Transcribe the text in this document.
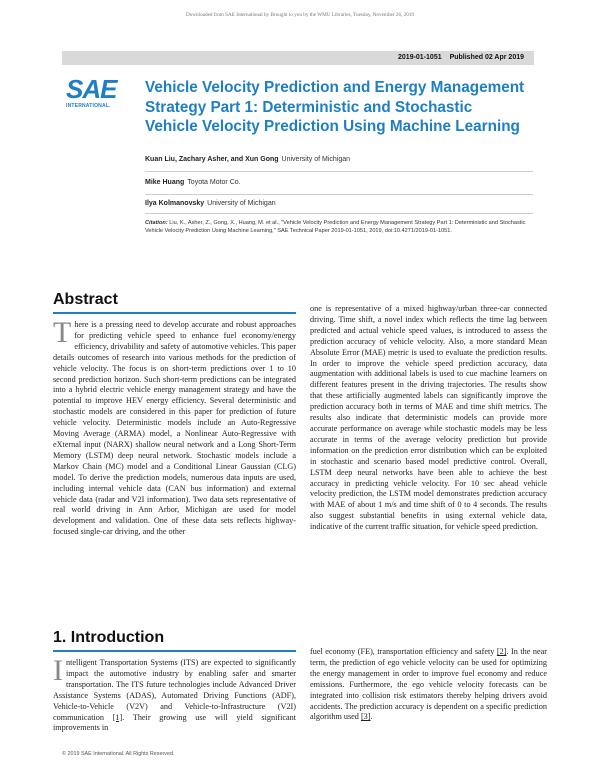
Downloaded from SAE International by Brought to you by the WMU Libraries, Tuesday, November 26, 2019
2019-01-1051 Published 02 Apr 2019
SAE
INTERNATIONAL.
Vehicle Velocity Prediction and Energy Management Strategy Part 1: Deterministic and Stochastic Vehicle Velocity Prediction Using Machine Learning
Kuan Liu, Zachary Asher, and Xun Gong University of Michigan
Mike Huang Toyota Motor Co.
Ilya Kolmanovsky University of Michigan
Citation: Liu, K., Asher, Z., Gong, X., Huang, M. et al., "Vehicle Velocity Prediction and Energy Management Strategy Part 1: Deterministic and Stochastic Vehicle Velocity Prediction Using Machine Learning," SAE Technical Paper 2019-01-1051, 2019, doi:10.4271/2019-01-1051.
Abstract
There is a pressing need to develop accurate and robust approaches for predicting vehicle speed to enhance fuel economy/energy efficiency, drivability and safety of automotive vehicles. This paper details outcomes of research into various methods for the prediction of vehicle velocity. The focus is on short-term predictions over 1 to 10 second prediction horizon. Such short-term predictions can be integrated into a hybrid electric vehicle energy management strategy and have the potential to improve HEV energy efficiency. Several deterministic and stochastic models are considered in this paper for prediction of future vehicle velocity. Deterministic models include an Auto-Regressive Moving Average (ARMA) model, a Nonlinear Auto-Regressive with eXternal input (NARX) shallow neural network and a Long Short-Term Memory (LSTM) deep neural network. Stochastic models include a Markov Chain (MC) model and a Conditional Linear Gaussian (CLG) model. To derive the prediction models, numerous data inputs are used, including internal vehicle data (CAN bus information) and external vehicle data (radar and V2I information). Two data sets representative of real world driving in Ann Arbor, Michigan are used for model development and validation. One of these data sets reflects highway-focused single-car driving, and the other
one is representative of a mixed highway/urban three-car connected driving. Time shift, a novel index which reflects the time lag between predicted and actual vehicle speed values, is introduced to assess the prediction accuracy of vehicle velocity. Also, a more standard Mean Absolute Error (MAE) metric is used to evaluate the prediction results. In order to improve the vehicle speed prediction accuracy, data augmentation with additional labels is used to cue machine learners on different features present in the driving trajectories. The results show that these artificially augmented labels can significantly improve the prediction accuracy both in terms of MAE and time shift metrics. The results also indicate that deterministic models can provide more accurate performance on average while stochastic models may be less accurate in terms of the average velocity prediction but provide information on the prediction error distribution which can be exploited in stochastic and scenario based model predictive control. Overall, LSTM deep neural networks have been able to achieve the best accuracy in predicting vehicle velocity. For 10 sec ahead vehicle velocity prediction, the LSTM model demonstrates prediction accuracy with MAE of about 1 m/s and time shift of 0 to 4 seconds. The results also suggest substantial benefits in using external vehicle data, indicative of the current traffic situation, for vehicle speed prediction.
1. Introduction
Intelligent Transportation Systems (ITS) are expected to significantly impact the automotive industry by enabling safer and smarter transportation. The ITS future technologies include Advanced Driver Assistance Systems (ADAS), Automated Driving Functions (ADF), Vehicle-to-Vehicle (V2V) and Vehicle-to-Infrastructure (V2I) communication [1]. Their growing use will yield significant improvements in
fuel economy (FE), transportation efficiency and safety [2]. In the near term, the prediction of ego vehicle velocity can be used for optimizing the energy management in order to improve fuel economy and reduce emissions. Furthermore, the ego vehicle velocity forecasts can be integrated into collision risk estimators thereby helping drivers avoid accidents. The prediction accuracy is dependent on a specific prediction algorithm used [3].
© 2019 SAE International. All Rights Reserved.
